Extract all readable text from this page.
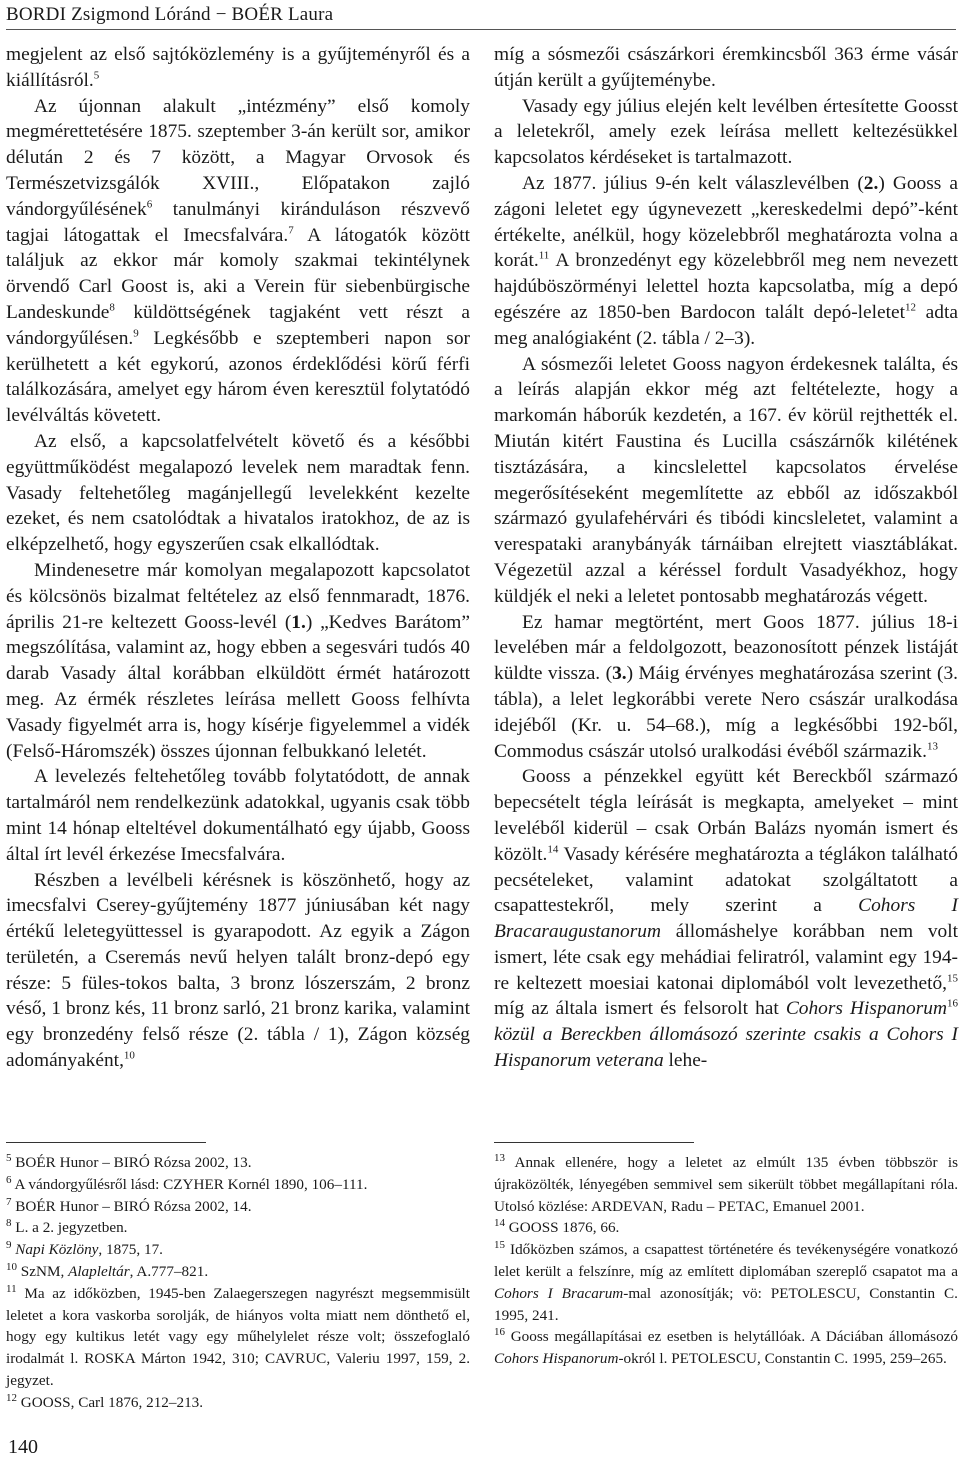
BORDI Zsigmond Lóránd − BOÉR Laura

megjelent az első sajtóközlemény is a gyűjteményről és a kiállításról.$^5$

Az újonnan alakult „intézmény” első komoly megmérettetésére 1875. szeptember 3-án került sor, amikor délután 2 és 7 között, a Magyar Orvosok és Természetvizsgálók XVIII., Előpatakon zajló vándorgyűlésének$^6$ tanulmányi kiránduláson részvevő tagjai látogattak el Imecsfalvára.$^7$ A látogatók között találjuk az ekkor már komoly szakmai tekintélynek örvendő Carl Goost is, aki a Verein für siebenbürgische Landeskunde$^8$ küldöttségének tagjaként vett részt a vándorgyűlésen.$^9$ Legkésőbb e szeptemberi napon sor kerülhetett a két egykorú, azonos érdeklődési körű férfi találkozására, amelyet egy három éven keresztül folytatódó levélváltás követett.

Az első, a kapcsolatfelvételt követő és a későbbi együttműködést megalapozó levelek nem maradtak fenn. Vasady feltehetőleg magánjellegű levelekként kezelte ezeket, és nem csatolódtak a hivatalos iratokhoz, de az is elképzelhető, hogy egyszerűen csak elkallódtak.

Mindenesetre már komolyan megalapozott kapcsolatot és kölcsönös bizalmat feltételez az első fennmaradt, 1876. április 21-re keltezett Gooss-levél (1.) „Kedves Barátom” megszólítása, valamint az, hogy ebben a segesvári tudós 40 darab Vasady által korábban elküldött érmét határozott meg. Az érmék részletes leírása mellett Gooss felhívta Vasady figyelmét arra is, hogy kísérje figyelemmel a vidék (Felső-Háromszék) összes újonnan felbukkanó leletét.

A levelezés feltehetőleg tovább folytatódott, de annak tartalmáról nem rendelkezünk adatokkal, ugyanis csak több mint 14 hónap elteltével dokumentálható egy újabb, Gooss által írt levél érkezése Imecsfalvára.

Részben a levélbeli kérésnek is köszönhető, hogy az imecsfalvi Cserey-gyűjtemény 1877 júniusában két nagy értékű leletegyüttessel is gyarapodott. Az egyik a Zágon területén, a Cseremás nevű helyen talált bronz-depó egy része: 5 füles-tokos balta, 3 bronz lószerszám, 2 bronz véső, 1 bronz kés, 11 bronz sarló, 21 bronz karika, valamint egy bronzedény felső része (2. tábla / 1), Zágon község adományaként,$^{10}$

míg a sósmezői császárkori éremkincsből 363 érme vásár útján került a gyűjteménybe.

Vasady egy július elején kelt levélben értesítette Goosst a leletekről, amely ezek leírása mellett keltezésükkel kapcsolatos kérdéseket is tartalmazott.

Az 1877. július 9-én kelt válaszlevélben (2.) Gooss a zágoni leletet egy úgynevezett „kereskedelmi depó”-ként értékelte, anélkül, hogy közelebbről meghatározta volna a korát.$^{11}$ A bronzedényt egy közelebbről meg nem nevezett hajdúböszörményi lelettel hozta kapcsolatba, míg a depó egészére az 1850-ben Bardocon talált depó-leletet$^{12}$ adta meg analógiaként (2. tábla / 2–3).

A sósmezői leletet Gooss nagyon érdekesnek találta, és a leírás alapján ekkor még azt feltételezte, hogy a markomán háborúk kezdetén, a 167. év körül rejthették el. Miután kitért Faustina és Lucilla császárnők kilétének tisztázására, a kincslelettel kapcsolatos érvelése megerősítéseként megemlítette az ebből az időszakból származó gyulafehérvári és tibódi kincsleletet, valamint a verespataki aranybányák tárnáiban elrejtett viasztáblákat. Végezetül azzal a kéréssel fordult Vasadyékhoz, hogy küldjék el neki a leletet pontosabb meghatározás végett.

Ez hamar megtörtént, mert Goos 1877. július 18-i levelében már a feldolgozott, beazonosított pénzek listáját küldte vissza. (3.) Máig érvényes meghatározása szerint (3. tábla), a lelet legkorábbi verete Nero császár uralkodása idejéből (Kr. u. 54–68.), míg a legkésőbbi 192-ből, Commodus császár utolsó uralkodási évéből származik.$^{13}$

Gooss a pénzekkel együtt két Bereckből származó bepecsételt tégla leírását is megkapta, amelyeket – mint leveléből kiderül – csak Orbán Balázs nyomán ismert és közölt.$^{14}$ Vasady kérésére meghatározta a téglákon található pecsételeket, valamint adatokat szolgáltatott a csapattestekről, mely szerint a Cohors I Bracaraugustanorum állomáshelye korábban nem volt ismert, léte csak egy mehádiai feliratról, valamint egy 194-re keltezett moesiai katonai diplomából volt levezethető,$^{15}$ míg az általa ismert és felsorolt hat Cohors Hispanorum$^{16}$ közül a Bereckben állomásozó szerinte csakis a Cohors I Hispanorum veterana lehe-

$^5$ BOÉR Hunor – BIRÓ Rózsa 2002, 13.
$^6$ A vándorgyűlésről lásd: CZYHER Kornél 1890, 106–111.
$^7$ BOÉR Hunor – BIRÓ Rózsa 2002, 14.
$^8$ L. a 2. jegyzetben.
$^9$ Napi Közlöny, 1875, 17.
$^{10}$ SzNM, Alapleltár, A.777–821.
$^{11}$ Ma az időközben, 1945-ben Zalaegerszegen nagyrészt megsemmisült leletet a kora vaskorba sorolják, de hiányos volta miatt nem dönthető el, hogy egy kultikus letét vagy egy műhelylelet része volt; összefoglaló irodalmát l. ROSKA Márton 1942, 310; CAVRUC, Valeriu 1997, 159, 2. jegyzet.
$^{12}$ GOOSS, Carl 1876, 212–213.
$^{13}$ Annak ellenére, hogy a leletet az elmúlt 135 évben többször is újraközölték, lényegében semmivel sem sikerült többet megállapítani róla. Utolsó közlése: ARDEVAN, Radu – PETAC, Emanuel 2001.
$^{14}$ GOOSS 1876, 66.
$^{15}$ Időközben számos, a csapattest történetére és tevékenységére vonatkozó lelet került a felszínre, míg az említett diplomában szereplő csapatot ma a Cohors I Bracarum-mal azonosítják; vö: PETOLESCU, Constantin C. 1995, 241.
$^{16}$ Gooss megállapításai ez esetben is helytállóak. A Dáciában állomásozó Cohors Hispanorum-okról l. PETOLESCU, Constantin C. 1995, 259–265.
140
